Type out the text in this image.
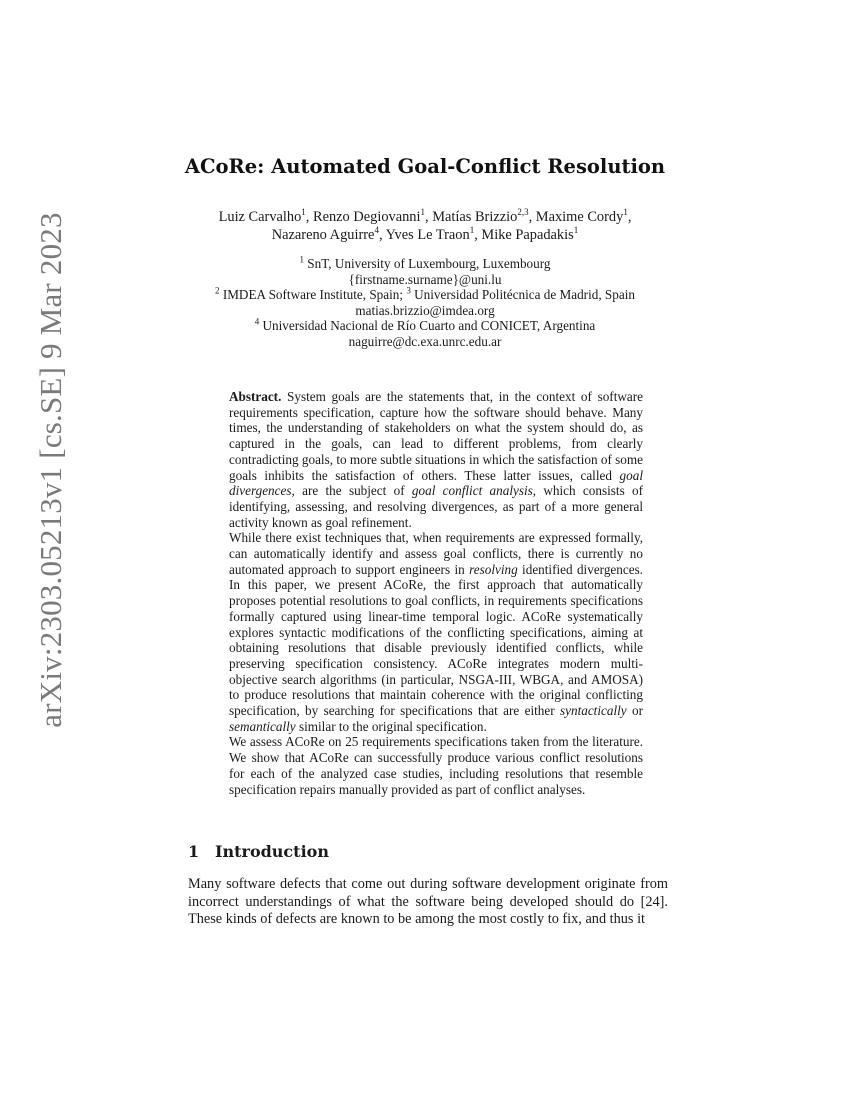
arXiv:2303.05213v1 [cs.SE] 9 Mar 2023
ACoRe: Automated Goal-Conflict Resolution
Luiz Carvalho$^1$, Renzo Degiovanni$^1$, Matías Brizzio$^{2,3}$, Maxime Cordy$^1$,
Nazareno Aguirre$^4$, Yves Le Traon$^1$, Mike Papadakis$^1$
$^1$ SnT, University of Luxembourg, Luxembourg
{firstname.surname}@uni.lu
$^2$ IMDEA Software Institute, Spain; $^3$ Universidad Politécnica de Madrid, Spain
matias.brizzio@imdea.org
$^4$ Universidad Nacional de Río Cuarto and CONICET, Argentina
naguirre@dc.exa.unrc.edu.ar

Abstract. System goals are the statements that, in the context of software requirements specification, capture how the software should behave. Many times, the understanding of stakeholders on what the system should do, as captured in the goals, can lead to different problems, from clearly contradicting goals, to more subtle situations in which the satisfaction of some goals inhibits the satisfaction of others. These latter issues, called goal divergences, are the subject of goal conflict analysis, which consists of identifying, assessing, and resolving divergences, as part of a more general activity known as goal refinement.

While there exist techniques that, when requirements are expressed formally, can automatically identify and assess goal conflicts, there is currently no automated approach to support engineers in resolving identified divergences. In this paper, we present ACoRe, the first approach that automatically proposes potential resolutions to goal conflicts, in requirements specifications formally captured using linear-time temporal logic. ACoRe systematically explores syntactic modifications of the conflicting specifications, aiming at obtaining resolutions that disable previously identified conflicts, while preserving specification consistency. ACoRe integrates modern multi-objective search algorithms (in particular, NSGA-III, WBGA, and AMOSA) to produce resolutions that maintain coherence with the original conflicting specification, by searching for specifications that are either syntactically or semantically similar to the original specification.

We assess ACoRe on 25 requirements specifications taken from the literature. We show that ACoRe can successfully produce various conflict resolutions for each of the analyzed case studies, including resolutions that resemble specification repairs manually provided as part of conflict analyses.

1 Introduction

Many software defects that come out during software development originate from incorrect understandings of what the software being developed should do [24]. These kinds of defects are known to be among the most costly to fix, and thus it
